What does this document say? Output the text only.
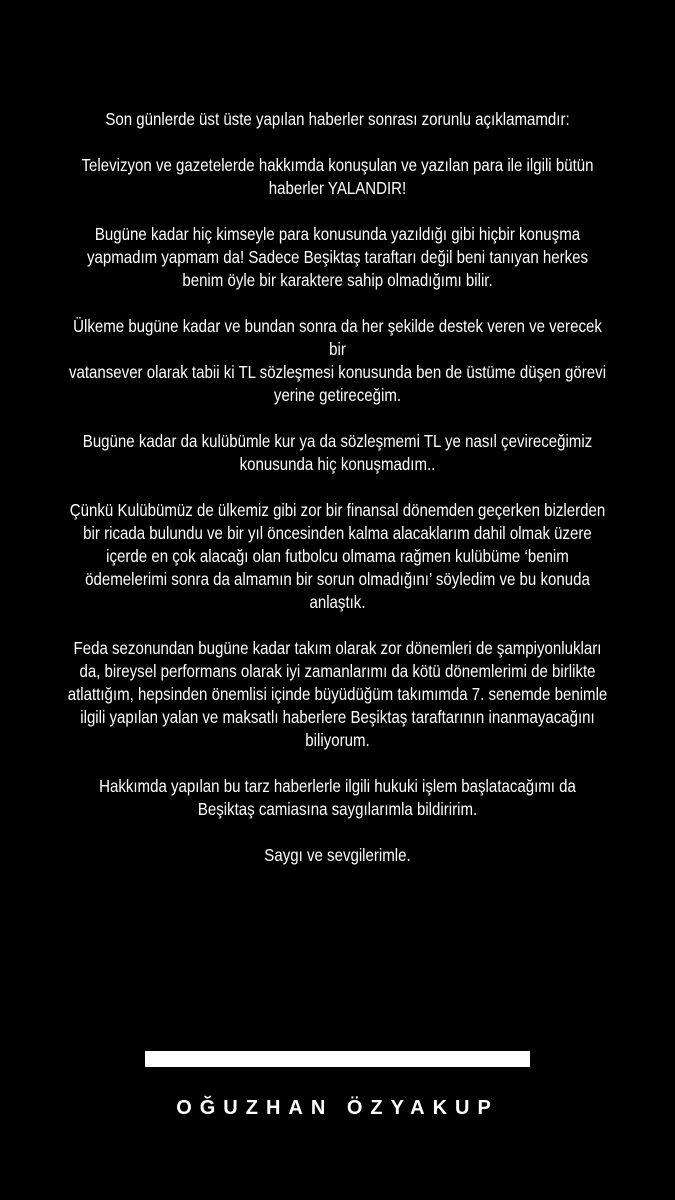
Son günlerde üst üste yapılan haberler sonrası zorunlu açıklamamdır:

Televizyon ve gazetelerde hakkımda konuşulan ve yazılan para ile ilgili bütün
haberler YALANDIR!

Bugüne kadar hiç kimseyle para konusunda yazıldığı gibi hiçbir konuşma
yapmadım yapmam da! Sadece Beşiktaş taraftarı değil beni tanıyan herkes
benim öyle bir karaktere sahip olmadığımı bilir.

Ülkeme bugüne kadar ve bundan sonra da her şekilde destek veren ve verecek bir
vatansever olarak tabii ki TL sözleşmesi konusunda ben de üstüme düşen görevi
yerine getireceğim.

Bugüne kadar da kulübümle kur ya da sözleşmemi TL ye nasıl çevireceğimiz
konusunda hiç konuşmadım..

Çünkü Kulübümüz de ülkemiz gibi zor bir finansal dönemden geçerken bizlerden
bir ricada bulundu ve bir yıl öncesinden kalma alacaklarım dahil olmak üzere
içerde en çok alacağı olan futbolcu olmama rağmen kulübüme ‘benim
ödemelerimi sonra da almamın bir sorun olmadığını’ söyledim ve bu konuda
anlaştık.

Feda sezonundan bugüne kadar takım olarak zor dönemleri de şampiyonlukları
da, bireysel performans olarak iyi zamanlarımı da kötü dönemlerimi de birlikte
atlattığım, hepsinden önemlisi içinde büyüdüğüm takımımda 7. senemde benimle
ilgili yapılan yalan ve maksatlı haberlere Beşiktaş taraftarının inanmayacağını
biliyorum.

Hakkımda yapılan bu tarz haberlerle ilgili hukuki işlem başlatacağımı da
Beşiktaş camiasına saygılarımla bildiririm.

Saygı ve sevgilerimle.

OĞUZHAN ÖZYAKUP
